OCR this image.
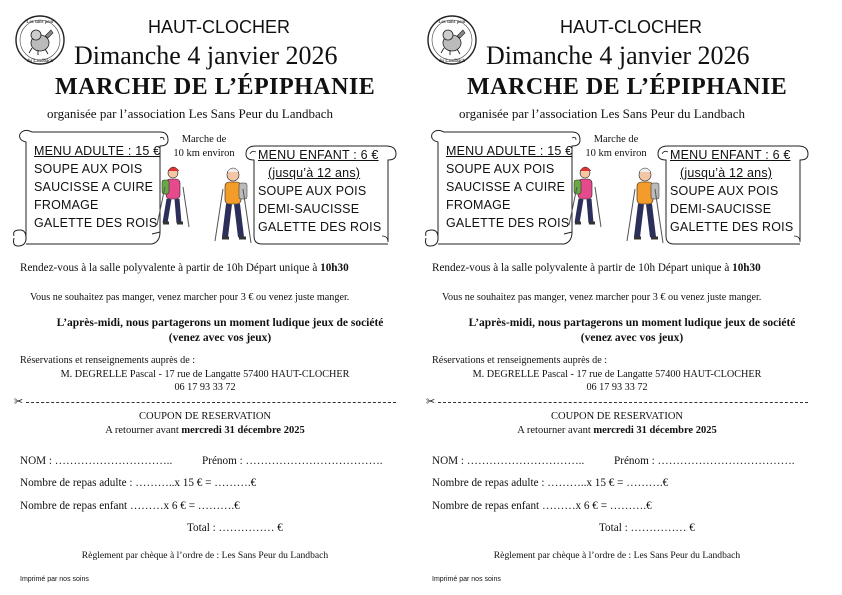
Les sans peur
du Landbach
HAUT-CLOCHER
Dimanche 4 janvier 2026
MARCHE DE L’ÉPIPHANIE
organisée par l’association Les Sans Peur du Landbach
MENU ADULTE : 15 €
SOUPE AUX POIS
SAUCISSE A CUIRE
FROMAGE
GALETTE DES ROIS
Marche de
10 km environ	MENU ENFANT : 6 €
(jusqu’à 12 ans)
SOUPE AUX POIS
DEMI-SAUCISSE
GALETTE DES ROIS
Rendez-vous à la salle polyvalente à partir de 10h Départ unique à 10h30
Vous ne souhaitez pas manger, venez marcher pour 3 € ou venez juste manger.
L’après-midi, nous partagerons un moment ludique jeux de société
(venez avec vos jeux)
Réservations et renseignements auprès de :
M. DEGRELLE Pascal - 17 rue de Langatte 57400 HAUT-CLOCHER
06 17 93 33 72
✂
COUPON DE RESERVATION
A retourner avant mercredi 31 décembre 2025
NOM : …………………………..	Prénom : ……………………………….
Nombre de repas adulte : ………..x 15 € = ……….€
Nombre de repas enfant ………x 6 € = ……….€
Total : …………… €
Règlement par chèque à l’ordre de : Les Sans Peur du Landbach
Imprimé par nos soins
Les sans peur
du Landbach
HAUT-CLOCHER
Dimanche 4 janvier 2026
MARCHE DE L’ÉPIPHANIE
organisée par l’association Les Sans Peur du Landbach
MENU ADULTE : 15 €
SOUPE AUX POIS
SAUCISSE A CUIRE
FROMAGE
GALETTE DES ROIS
Marche de
10 km environ	MENU ENFANT : 6 €
(jusqu’à 12 ans)
SOUPE AUX POIS
DEMI-SAUCISSE
GALETTE DES ROIS
Rendez-vous à la salle polyvalente à partir de 10h Départ unique à 10h30
Vous ne souhaitez pas manger, venez marcher pour 3 € ou venez juste manger.
L’après-midi, nous partagerons un moment ludique jeux de société
(venez avec vos jeux)
Réservations et renseignements auprès de :
M. DEGRELLE Pascal - 17 rue de Langatte 57400 HAUT-CLOCHER
06 17 93 33 72
✂
COUPON DE RESERVATION
A retourner avant mercredi 31 décembre 2025
NOM : …………………………..	Prénom : ……………………………….
Nombre de repas adulte : ………..x 15 € = ……….€
Nombre de repas enfant ………x 6 € = ……….€
Total : …………… €
Règlement par chèque à l’ordre de : Les Sans Peur du Landbach
Imprimé par nos soins
